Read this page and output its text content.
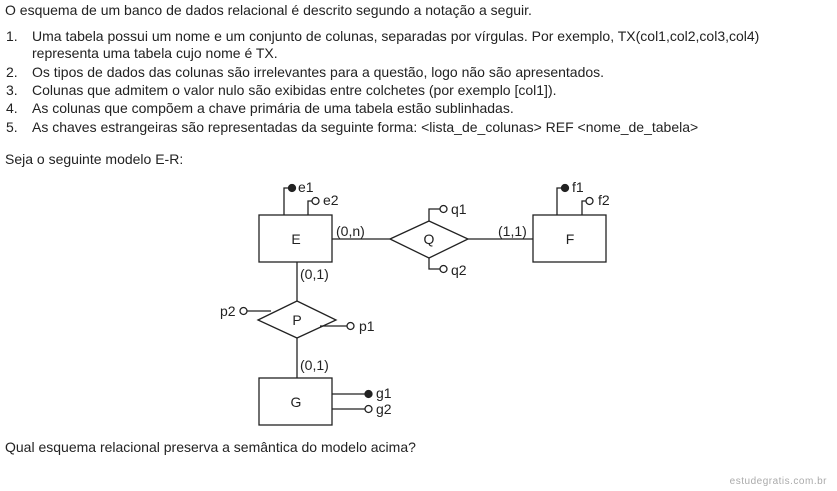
O esquema de um banco de dados relacional é descrito segundo a notação a seguir.
1. Uma tabela possui um nome e um conjunto de colunas, separadas por vírgulas. Por exemplo, TX(col1,col2,col3,col4)
representa uma tabela cujo nome é TX.
2. Os tipos de dados das colunas são irrelevantes para a questão, logo não são apresentados.
3. Colunas que admitem o valor nulo são exibidas entre colchetes (por exemplo [col1]).
4. As colunas que compõem a chave primária de uma tabela estão sublinhadas.
5. As chaves estrangeiras são representadas da seguinte forma: <lista_de_colunas> REF <nome_de_tabela>
Seja o seguinte modelo E-R:
E	F
G
Q
P
(0,n)	(1,1)
(0,1)
(0,1)
e1
e2
f1
f2
q1
q2
p1
p2
g1
g2
Qual esquema relacional preserva a semântica do modelo acima?
estudegratis.com.br
